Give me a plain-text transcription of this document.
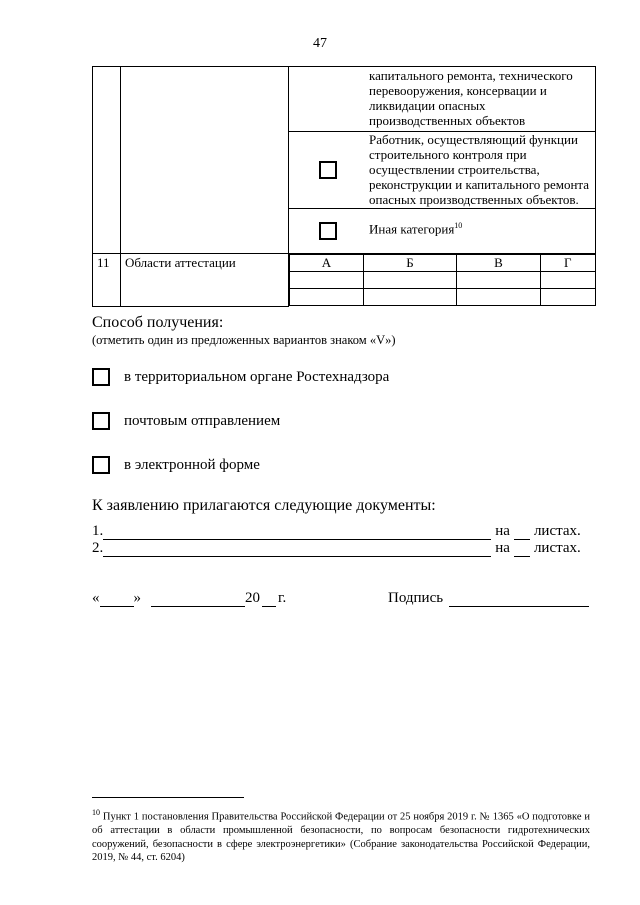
47

капитального ремонта, технического перевооружения, консервации и ликвидации опасных производственных объектов

Работник, осуществляющий функции строительного контроля при осуществлении строительства, реконструкции и капитального ремонта опасных производственных объектов.

Иная категория$^{10}$

11	Области аттестации		А	Б	В	Г

Способ получения:
(отметить один из предложенных вариантов знаком «V»)
в территориальном органе Ростехнадзора
почтовым отправлением
в электронной форме
К заявлению прилагаются следующие документы:
1.	на листах.
2.	на листах.
« »	20 г.	Подпись
$^{10}$ Пункт 1 постановления Правительства Российской Федерации от 25 ноября 2019 г. № 1365 «О подготовке и об аттестации в области промышленной безопасности, по вопросам безопасности гидротехнических сооружений, безопасности в сфере электроэнергетики» (Собрание законодательства Российской Федерации, 2019, № 44, ст. 6204)
